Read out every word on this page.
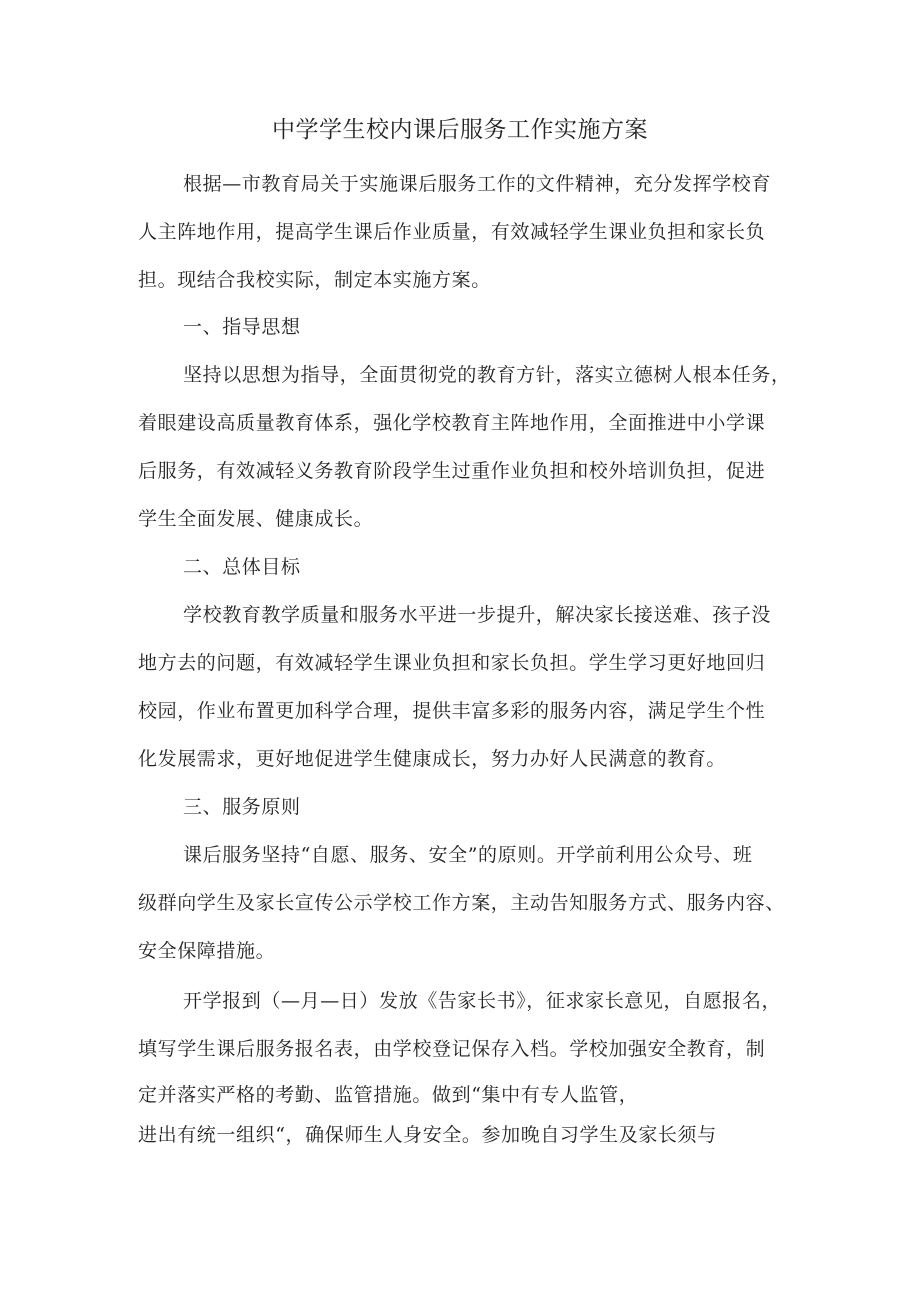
中学学生校内课后服务工作实施方案
根据—市教育局关于实施课后服务工作的文件精神，充分发挥学校育
人主阵地作用，提高学生课后作业质量，有效减轻学生课业负担和家长负
担。现结合我校实际，制定本实施方案。
一、指导思想
坚持以思想为指导，全面贯彻党的教育方针，落实立德树人根本任务，
着眼建设高质量教育体系，强化学校教育主阵地作用，全面推进中小学课
后服务，有效减轻义务教育阶段学生过重作业负担和校外培训负担，促进
学生全面发展、健康成长。
二、总体目标
学校教育教学质量和服务水平进一步提升，解决家长接送难、孩子没
地方去的问题，有效减轻学生课业负担和家长负担。学生学习更好地回归
校园，作业布置更加科学合理，提供丰富多彩的服务内容，满足学生个性
化发展需求，更好地促进学生健康成长，努力办好人民满意的教育。
三、服务原则
课后服务坚持“自愿、服务、安全”的原则。开学前利用公众号、班
级群向学生及家长宣传公示学校工作方案，主动告知服务方式、服务内容、
安全保障措施。
开学报到（—月—日）发放《告家长书》，征求家长意见，自愿报名，
填写学生课后服务报名表，由学校登记保存入档。学校加强安全教育，制
定并落实严格的考勤、监管措施。做到“集中有专人监管，
进出有统一组织“，确保师生人身安全。参加晚自习学生及家长须与
